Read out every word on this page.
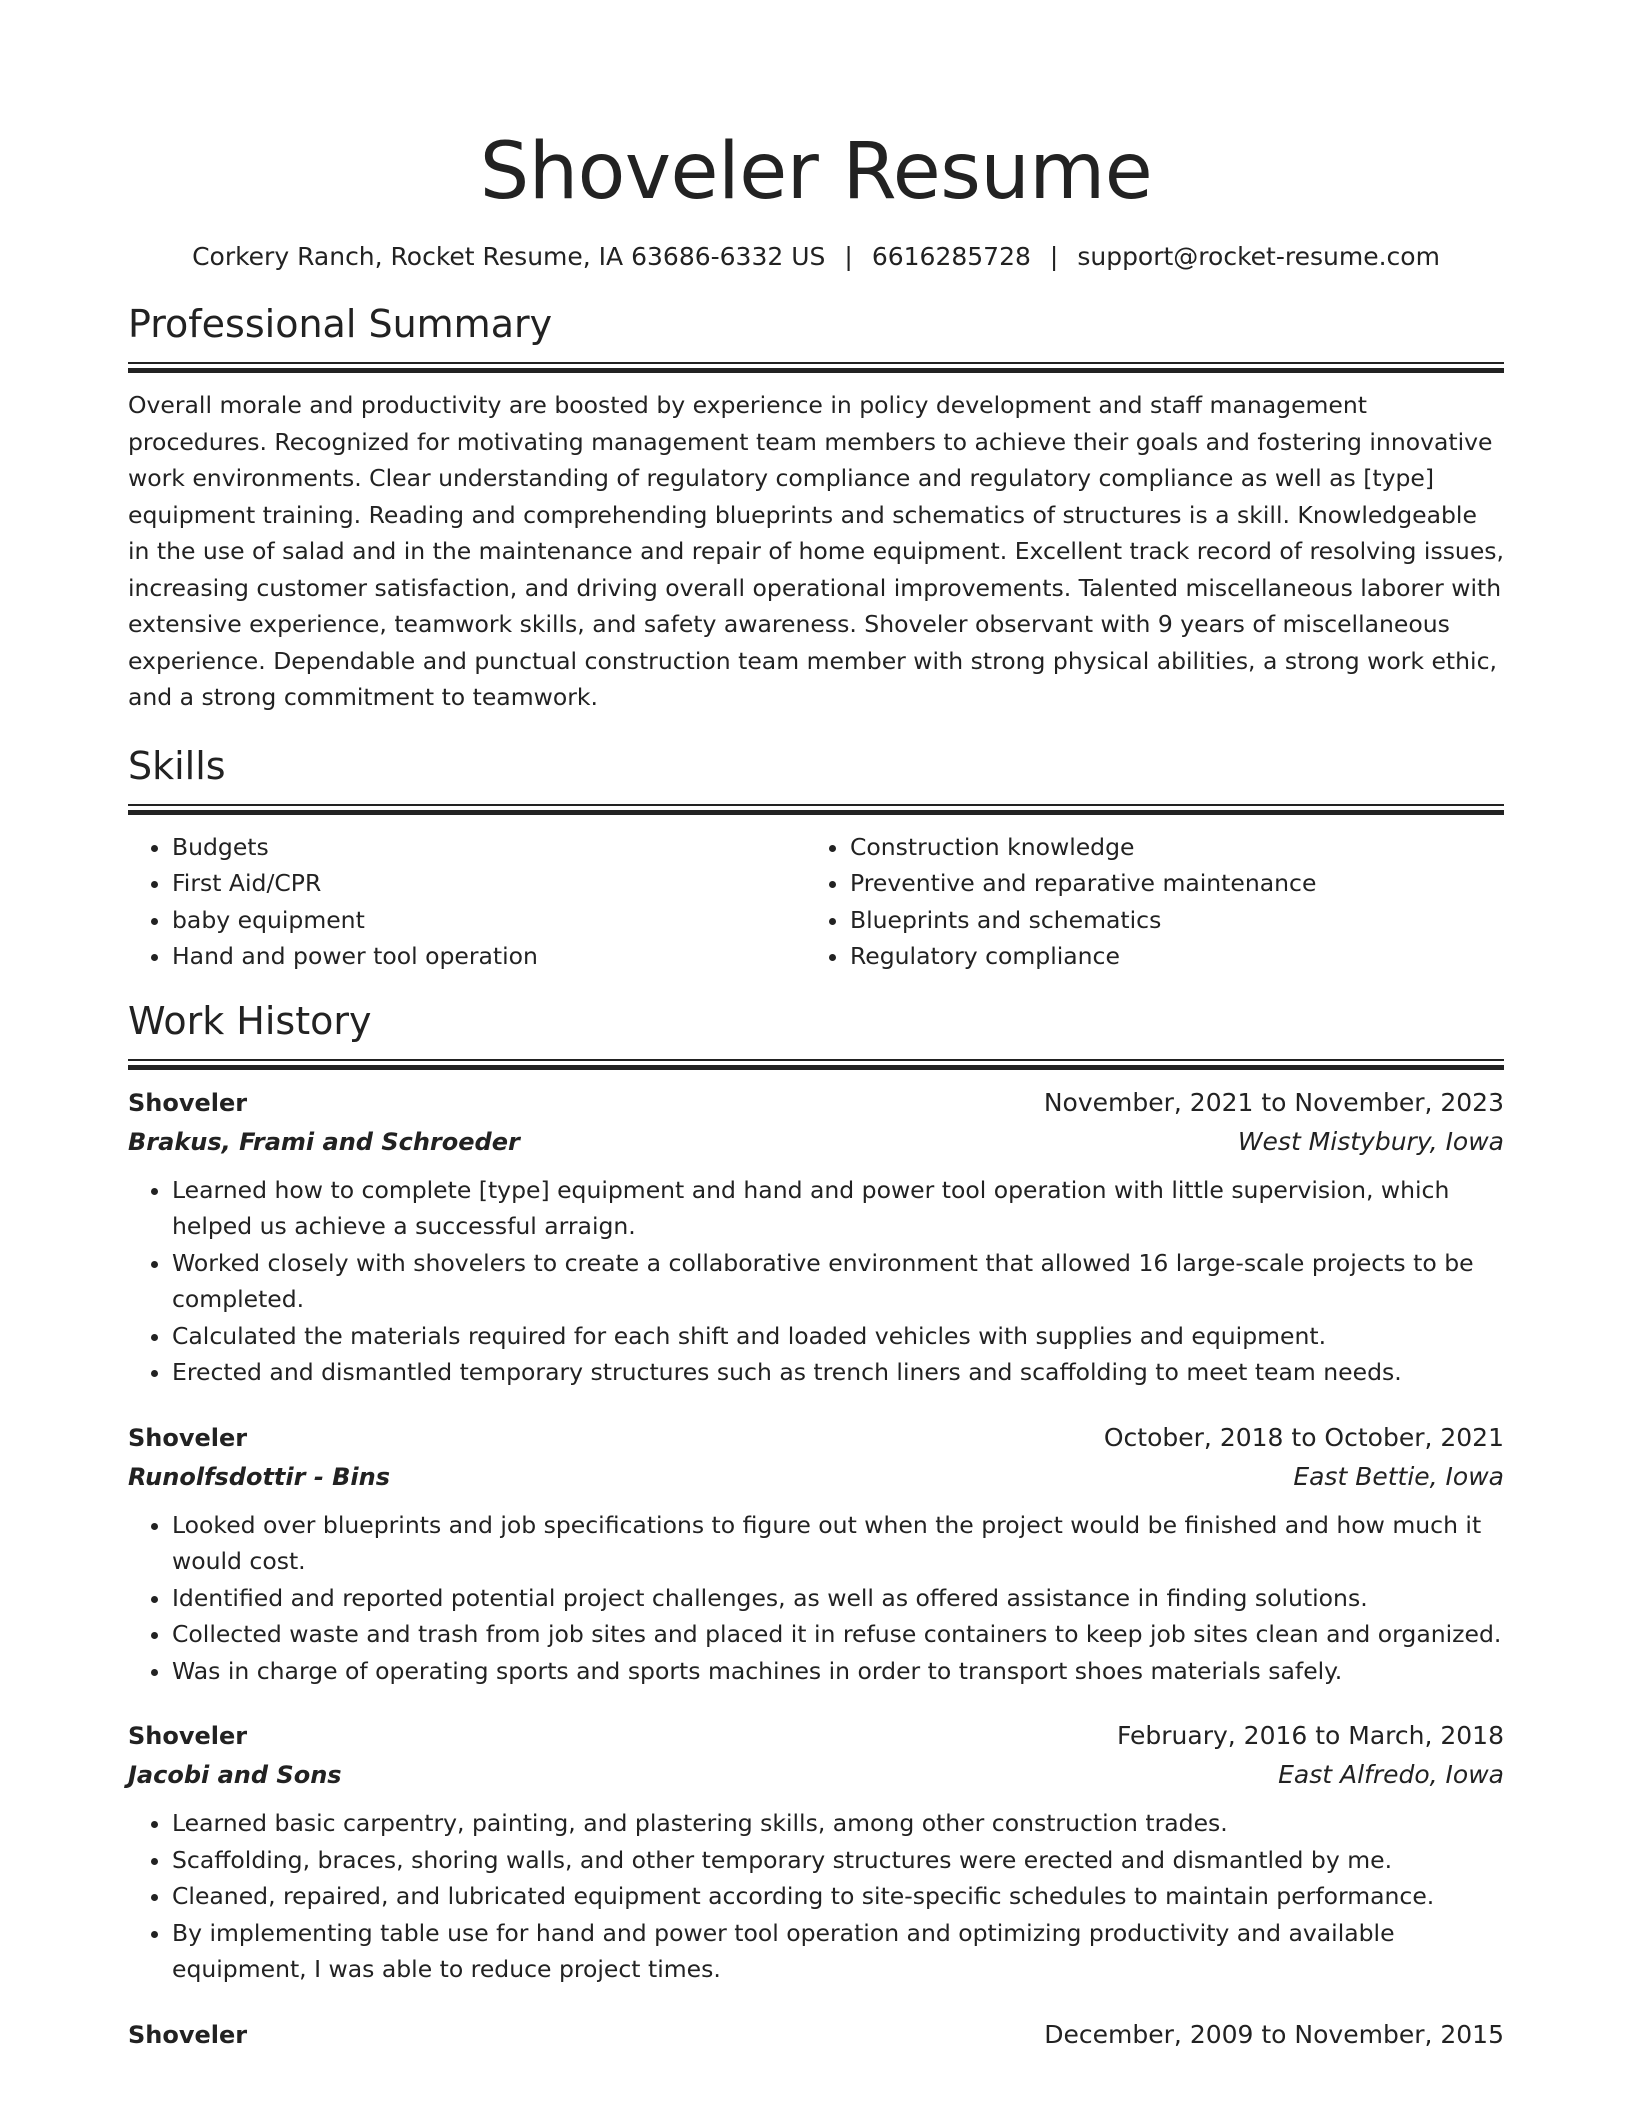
Shoveler Resume
Corkery Ranch, Rocket Resume, IA 63686-6332 US | 6616285728 | support@rocket-resume.com
Professional Summary

Overall morale and productivity are boosted by experience in policy development and staff management procedures. Recognized for motivating management team members to achieve their goals and fostering innovative work environments. Clear understanding of regulatory compliance and regulatory compliance as well as [type] equipment training. Reading and comprehending blueprints and schematics of structures is a skill. Knowledgeable in the use of salad and in the maintenance and repair of home equipment. Excellent track record of resolving issues, increasing customer satisfaction, and driving overall operational improvements. Talented miscellaneous laborer with extensive experience, teamwork skills, and safety awareness. Shoveler observant with 9 years of miscellaneous experience. Dependable and punctual construction team member with strong physical abilities, a strong work ethic, and a strong commitment to teamwork.

Skills
• Budgets
• First Aid/CPR
• baby equipment
• Hand and power tool operation
• Construction knowledge
• Preventive and reparative maintenance
• Blueprints and schematics
• Regulatory compliance
Work History
Shoveler	November, 2021 to November, 2023
Brakus, Frami and Schroeder	West Mistybury, Iowa
• Learned how to complete [type] equipment and hand and power tool operation with little supervision, which helped us achieve a successful arraign.
• Worked closely with shovelers to create a collaborative environment that allowed 16 large-scale projects to be completed.
• Calculated the materials required for each shift and loaded vehicles with supplies and equipment.
• Erected and dismantled temporary structures such as trench liners and scaffolding to meet team needs.
Shoveler	October, 2018 to October, 2021
Runolfsdottir - Bins	East Bettie, Iowa
• Looked over blueprints and job specifications to figure out when the project would be finished and how much it would cost.
• Identified and reported potential project challenges, as well as offered assistance in finding solutions.
• Collected waste and trash from job sites and placed it in refuse containers to keep job sites clean and organized.
• Was in charge of operating sports and sports machines in order to transport shoes materials safely.
Shoveler	February, 2016 to March, 2018
Jacobi and Sons	East Alfredo, Iowa
• Learned basic carpentry, painting, and plastering skills, among other construction trades.
• Scaffolding, braces, shoring walls, and other temporary structures were erected and dismantled by me.
• Cleaned, repaired, and lubricated equipment according to site-specific schedules to maintain performance.
• By implementing table use for hand and power tool operation and optimizing productivity and available equipment, I was able to reduce project times.
Shoveler	December, 2009 to November, 2015
